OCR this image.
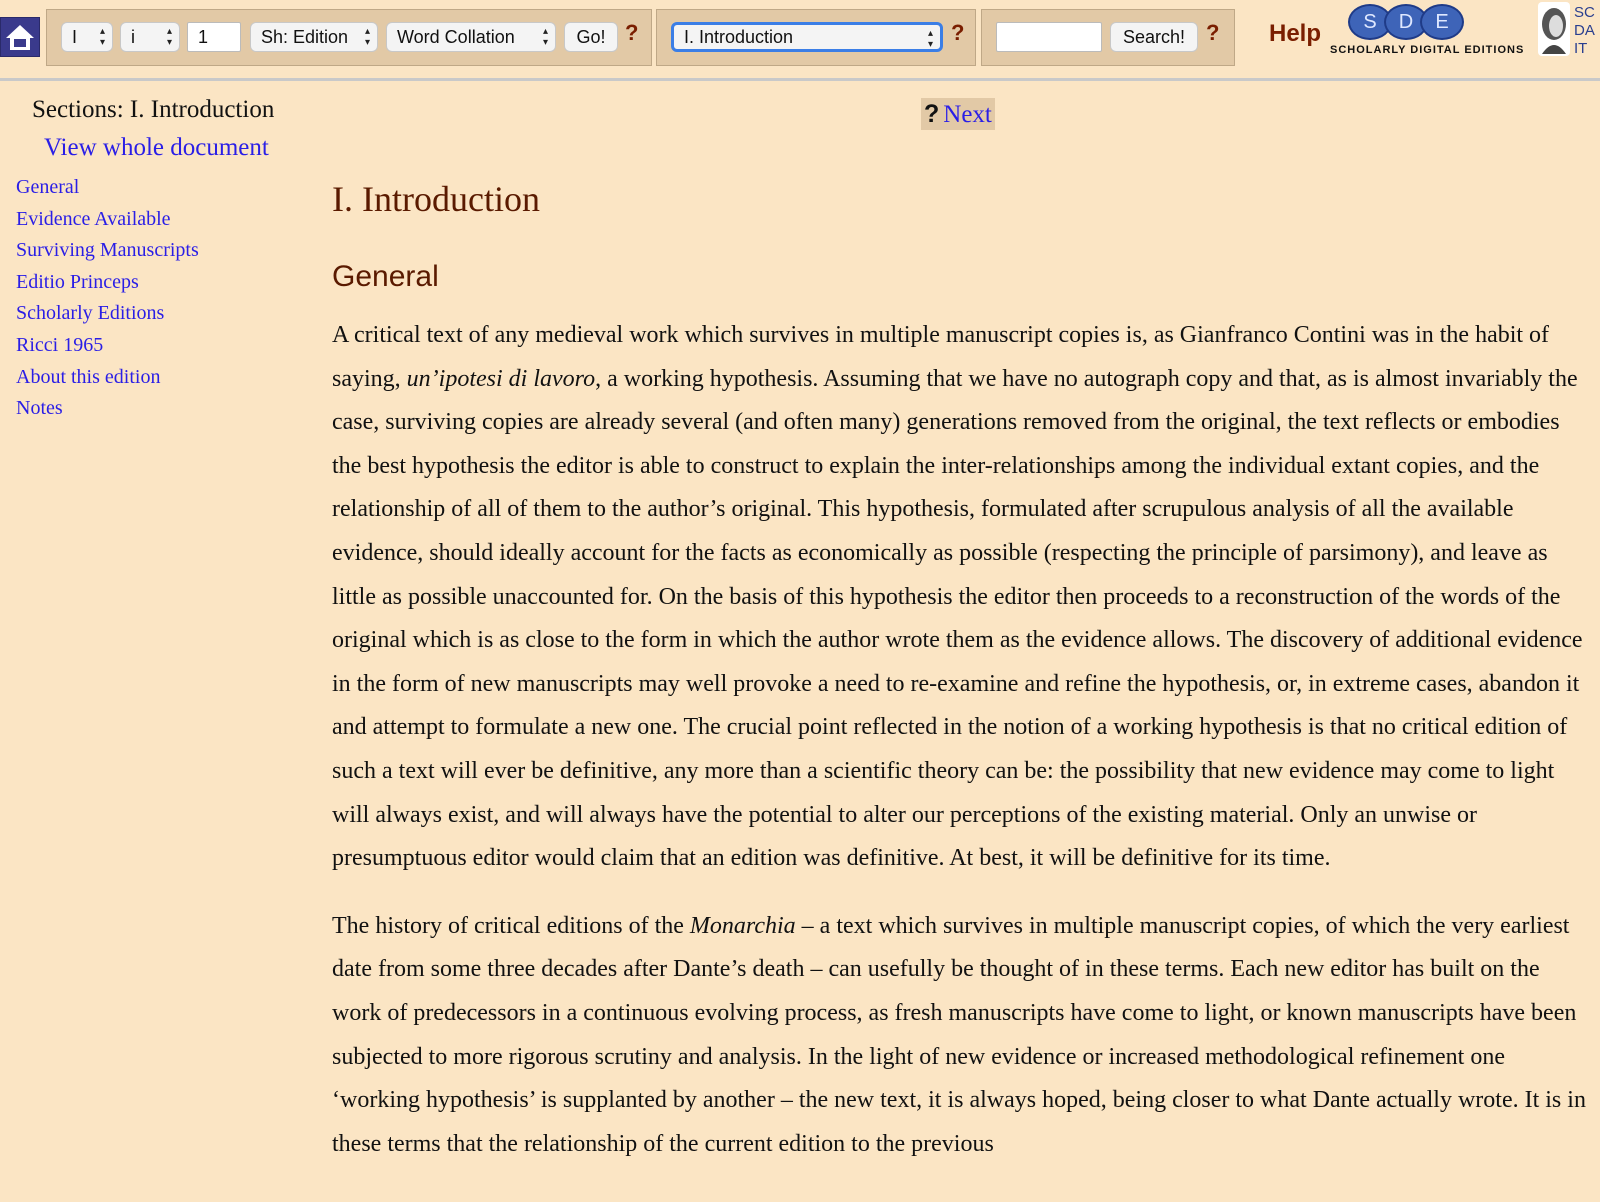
I ▴ ▾	i ▴ ▾	1	Sh: Edition ▴ ▾	Word Collation ▴ ▾	Go! ?	I. Introduction ▴ ▾	?	Search! ? Help	S	D	E
SCHOLARLY DIGITAL EDITIONS
SC
DA
IT
Sections: I. Introduction
View whole document
General
Evidence Available
Surviving Manuscripts
Editio Princeps
Scholarly Editions
Ricci 1965
About this edition
Notes
? Next
I. Introduction
General

A critical text of any medieval work which survives in multiple manuscript copies is, as Gianfranco Contini was in the habit of saying, un’ipotesi di lavoro, a working hypothesis. Assuming that we have no autograph copy and that, as is almost invariably the case, surviving copies are already several (and often many) generations removed from the original, the text reflects or embodies the best hypothesis the editor is able to construct to explain the inter-relationships among the individual extant copies, and the relationship of all of them to the author’s original. This hypothesis, formulated after scrupulous analysis of all the available evidence, should ideally account for the facts as economically as possible (respecting the principle of parsimony), and leave as little as possible unaccounted for. On the basis of this hypothesis the editor then proceeds to a reconstruction of the words of the original which is as close to the form in which the author wrote them as the evidence allows. The discovery of additional evidence in the form of new manuscripts may well provoke a need to re-examine and refine the hypothesis, or, in extreme cases, abandon it and attempt to formulate a new one. The crucial point reflected in the notion of a working hypothesis is that no critical edition of such a text will ever be definitive, any more than a scientific theory can be: the possibility that new evidence may come to light will always exist, and will always have the potential to alter our perceptions of the existing material. Only an unwise or presumptuous editor would claim that an edition was definitive. At best, it will be definitive for its time.

The history of critical editions of the Monarchia – a text which survives in multiple manuscript copies, of which the very earliest date from some three decades after Dante’s death – can usefully be thought of in these terms. Each new editor has built on the work of predecessors in a continuous evolving process, as fresh manuscripts have come to light, or known manuscripts have been subjected to more rigorous scrutiny and analysis. In the light of new evidence or increased methodological refinement one ‘working hypothesis’ is supplanted by another – the new text, it is always hoped, being closer to what Dante actually wrote. It is in these terms that the relationship of the current edition to the previous
